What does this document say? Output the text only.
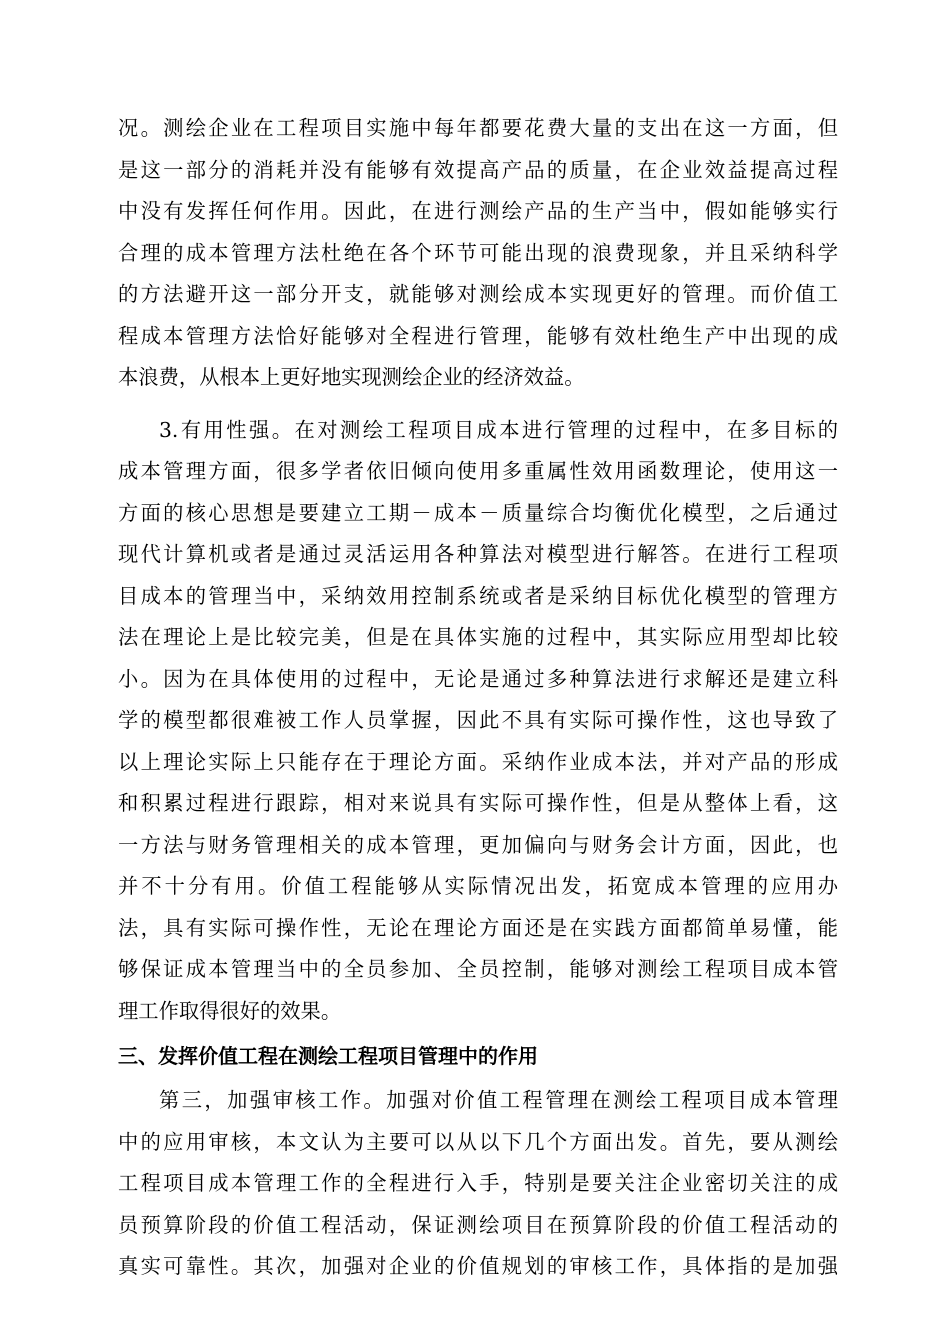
况。测绘企业在工程项目实施中每年都要花费大量的支出在这一方面，但
是这一部分的消耗并没有能够有效提高产品的质量，在企业效益提高过程
中没有发挥任何作用。因此，在进行测绘产品的生产当中，假如能够实行
合理的成本管理方法杜绝在各个环节可能出现的浪费现象，并且采纳科学
的方法避开这一部分开支，就能够对测绘成本实现更好的管理。而价值工
程成本管理方法恰好能够对全程进行管理，能够有效杜绝生产中出现的成
本浪费，从根本上更好地实现测绘企业的经济效益。
3.有用性强。在对测绘工程项目成本进行管理的过程中，在多目标的
成本管理方面，很多学者依旧倾向使用多重属性效用函数理论，使用这一
方面的核心思想是要建立工期－成本－质量综合均衡优化模型，之后通过
现代计算机或者是通过灵活运用各种算法对模型进行解答。在进行工程项
目成本的管理当中，采纳效用控制系统或者是采纳目标优化模型的管理方
法在理论上是比较完美，但是在具体实施的过程中，其实际应用型却比较
小。因为在具体使用的过程中，无论是通过多种算法进行求解还是建立科
学的模型都很难被工作人员掌握，因此不具有实际可操作性，这也导致了
以上理论实际上只能存在于理论方面。采纳作业成本法，并对产品的形成
和积累过程进行跟踪，相对来说具有实际可操作性，但是从整体上看，这
一方法与财务管理相关的成本管理，更加偏向与财务会计方面，因此，也
并不十分有用。价值工程能够从实际情况出发，拓宽成本管理的应用办
法，具有实际可操作性，无论在理论方面还是在实践方面都简单易懂，能
够保证成本管理当中的全员参加、全员控制，能够对测绘工程项目成本管
理工作取得很好的效果。
三、发挥价值工程在测绘工程项目管理中的作用
第三，加强审核工作。加强对价值工程管理在测绘工程项目成本管理
中的应用审核，本文认为主要可以从以下几个方面出发。首先，要从测绘
工程项目成本管理工作的全程进行入手，特别是要关注企业密切关注的成
员预算阶段的价值工程活动，保证测绘项目在预算阶段的价值工程活动的
真实可靠性。其次，加强对企业的价值规划的审核工作，具体指的是加强
